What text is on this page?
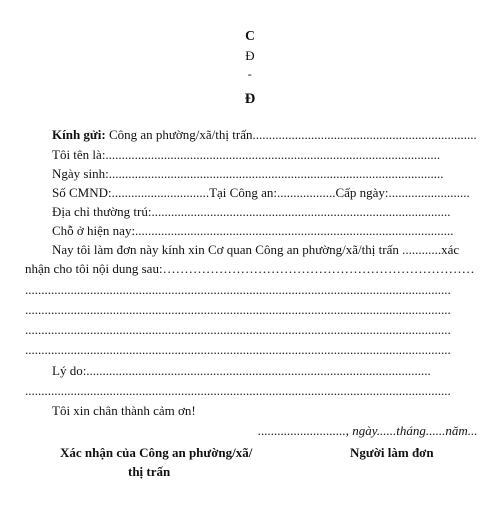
C
Đ
-
Đ
Kính gửi: Công an phường/xã/thị trấn.....................................................................
Tôi tên là:.......................................................................................................
Ngày sinh:.......................................................................................................
Số CMND:..............................Tại Công an:..................Cấp ngày:.........................
Địa chỉ thường trú:............................................................................................
Chỗ ở hiện nay:..................................................................................................
Nay tôi làm đơn này kính xin Cơ quan Công an phường/xã/thị trấn ............xác
nhận cho tôi nội dung sau:………………………………………………………………
...................................................................................................................................
...................................................................................................................................
...................................................................................................................................
...................................................................................................................................
Lý do:..........................................................................................................
...................................................................................................................................
Tôi xin chân thành cảm ơn!
..........................., ngày......tháng......năm...
Xác nhận của Công an phường/xã/
thị trấn
Người làm đơn
